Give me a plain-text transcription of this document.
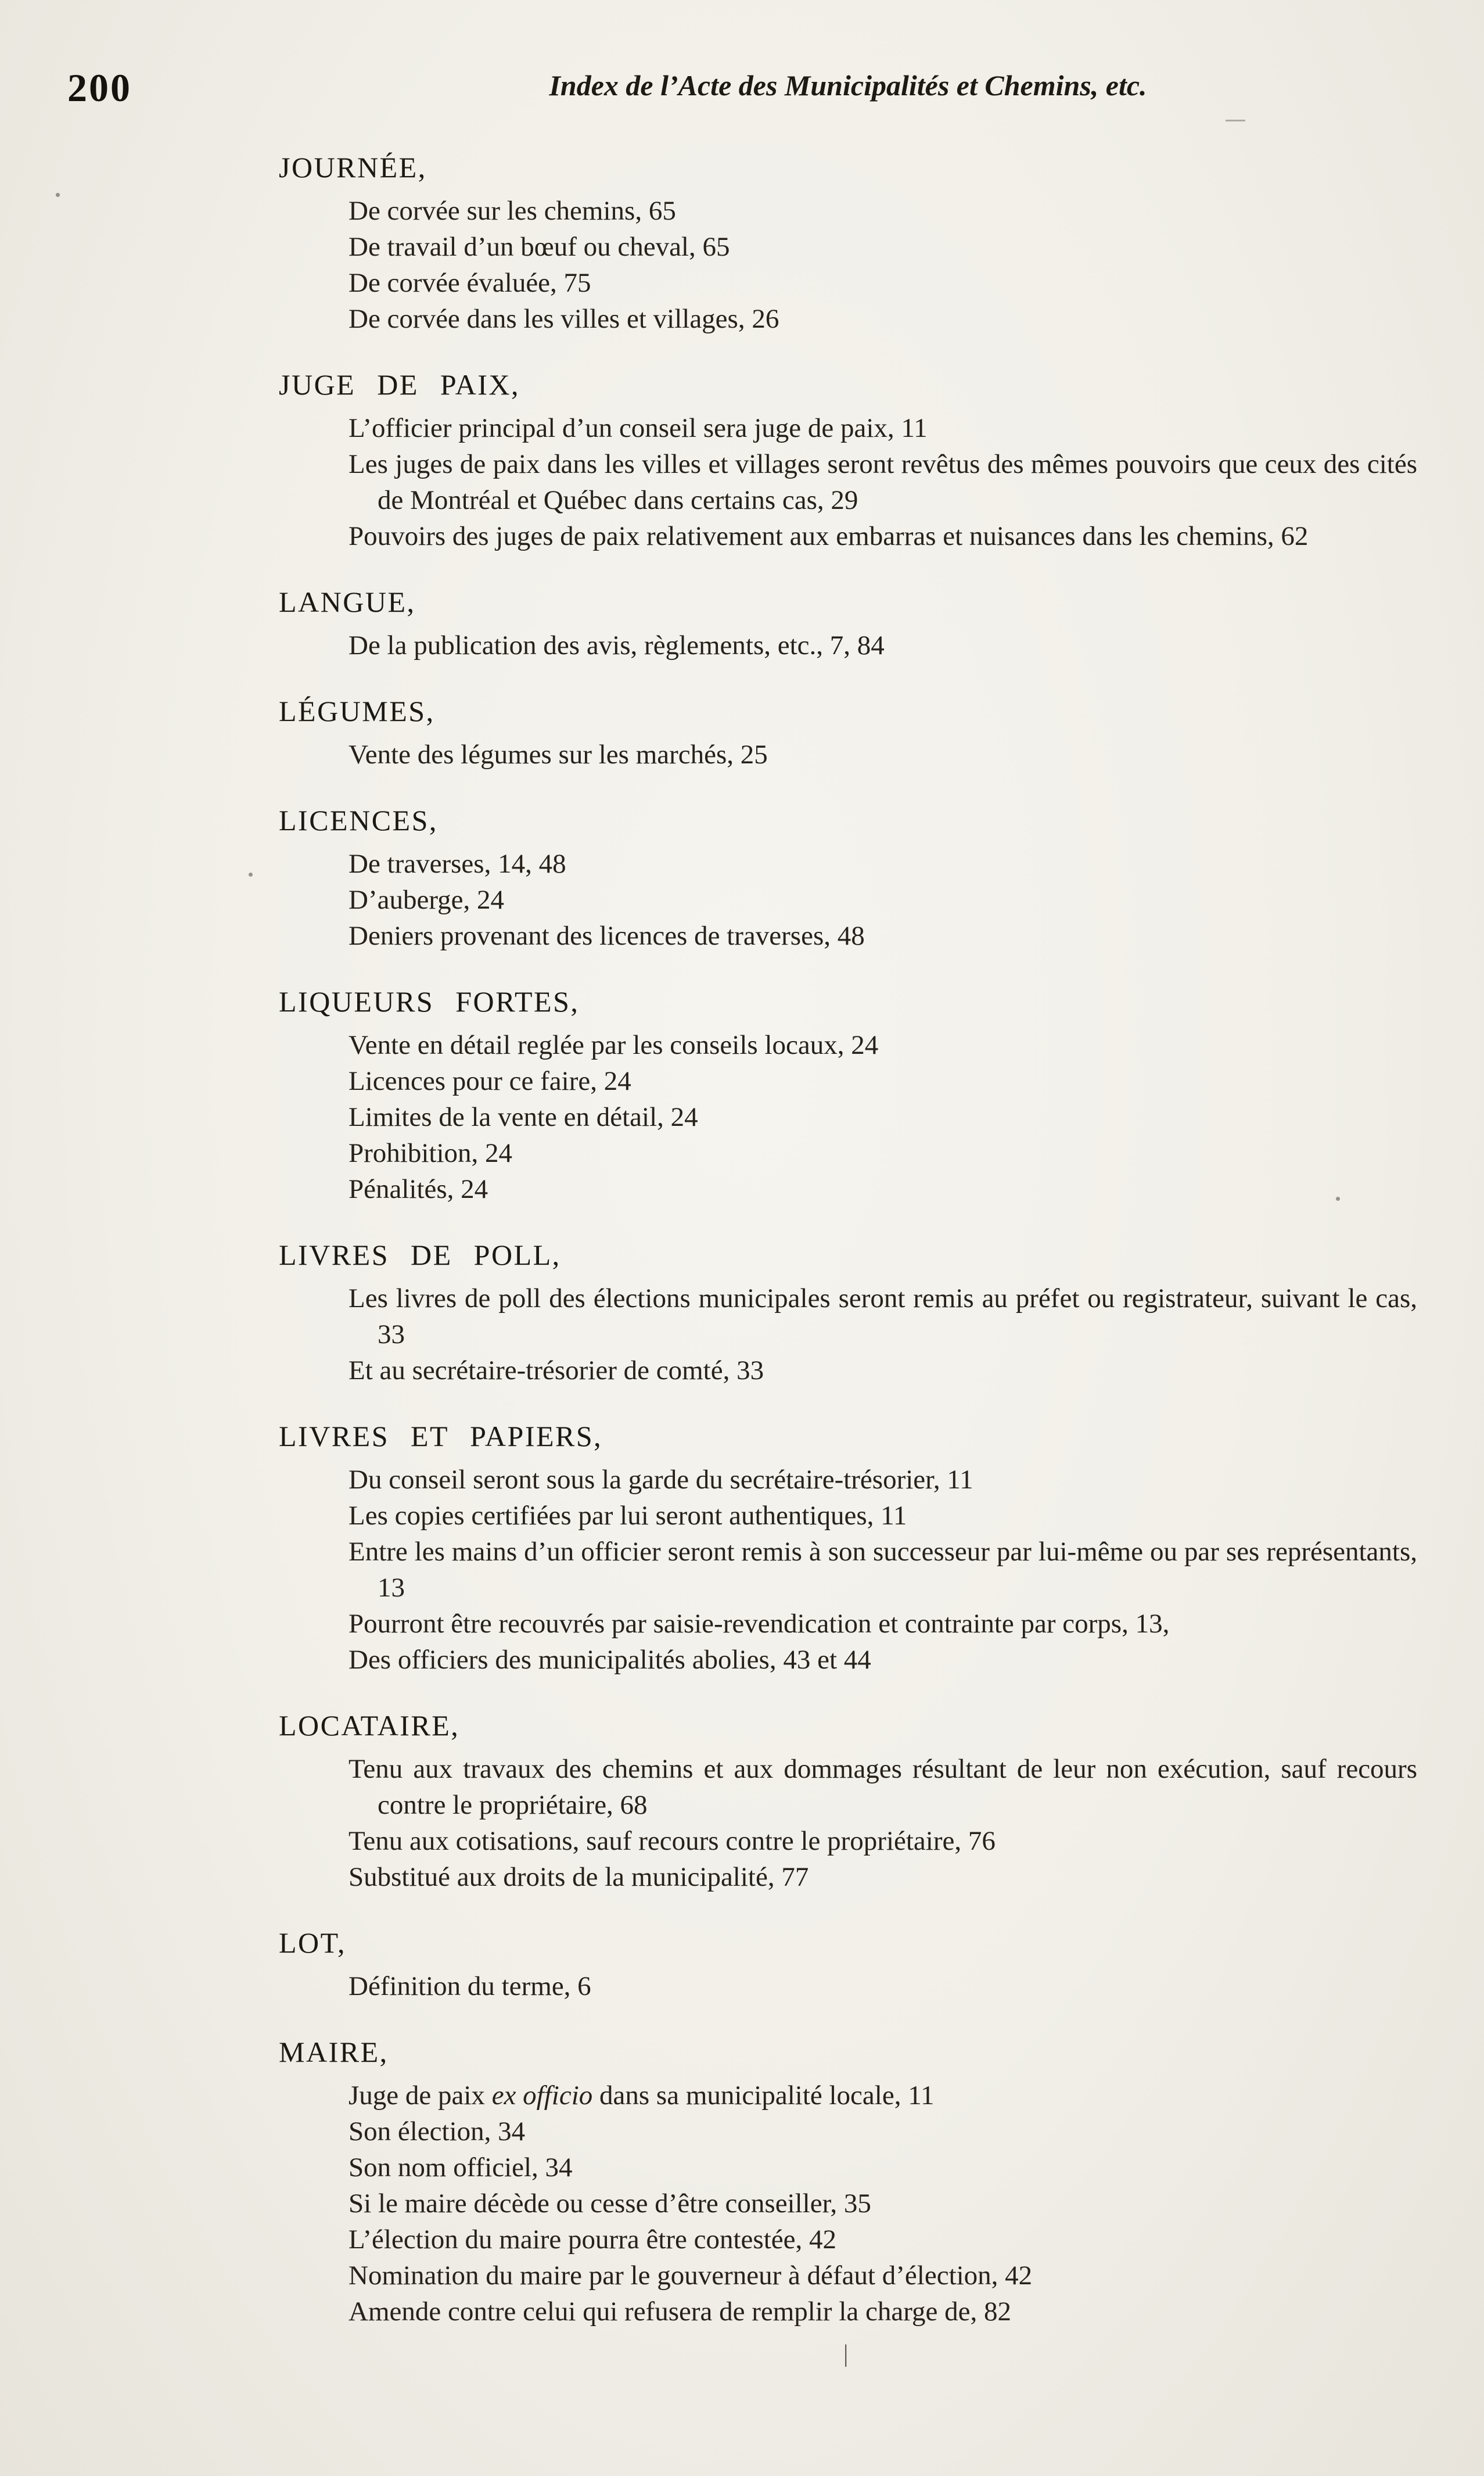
200	Index de l’Acte des Municipalités et Chemins, etc.
JOURNÉE,

De corvée sur les chemins, 65

De travail d’un bœuf ou cheval, 65

De corvée évaluée, 75

De corvée dans les villes et villages, 26

JUGE DE PAIX,

L’officier principal d’un conseil sera juge de paix, 11

Les juges de paix dans les villes et villages seront revêtus des mêmes pouvoirs que ceux des cités de Montréal et Québec dans certains cas, 29

Pouvoirs des juges de paix relativement aux embarras et nuisances dans les chemins, 62

LANGUE,

De la publication des avis, règlements, etc., 7, 84

LÉGUMES,

Vente des légumes sur les marchés, 25

LICENCES,

De traverses, 14, 48

D’auberge, 24

Deniers provenant des licences de traverses, 48

LIQUEURS FORTES,

Vente en détail reglée par les conseils locaux, 24

Licences pour ce faire, 24

Limites de la vente en détail, 24

Prohibition, 24

Pénalités, 24

LIVRES DE POLL,

Les livres de poll des élections municipales seront remis au préfet ou registrateur, suivant le cas, 33

Et au secrétaire-trésorier de comté, 33

LIVRES ET PAPIERS,

Du conseil seront sous la garde du secrétaire-trésorier, 11

Les copies certifiées par lui seront authentiques, 11

Entre les mains d’un officier seront remis à son successeur par lui-même ou par ses représentants, 13

Pourront être recouvrés par saisie-revendication et contrainte par corps, 13,

Des officiers des municipalités abolies, 43 et 44

LOCATAIRE,

Tenu aux travaux des chemins et aux dommages résultant de leur non exécution, sauf recours contre le propriétaire, 68

Tenu aux cotisations, sauf recours contre le propriétaire, 76

Substitué aux droits de la municipalité, 77

LOT,

Définition du terme, 6

MAIRE,

Juge de paix ex officio dans sa municipalité locale, 11

Son élection, 34

Son nom officiel, 34

Si le maire décède ou cesse d’être conseiller, 35

L’élection du maire pourra être contestée, 42

Nomination du maire par le gouverneur à défaut d’élection, 42

Amende contre celui qui refusera de remplir la charge de, 82

|
